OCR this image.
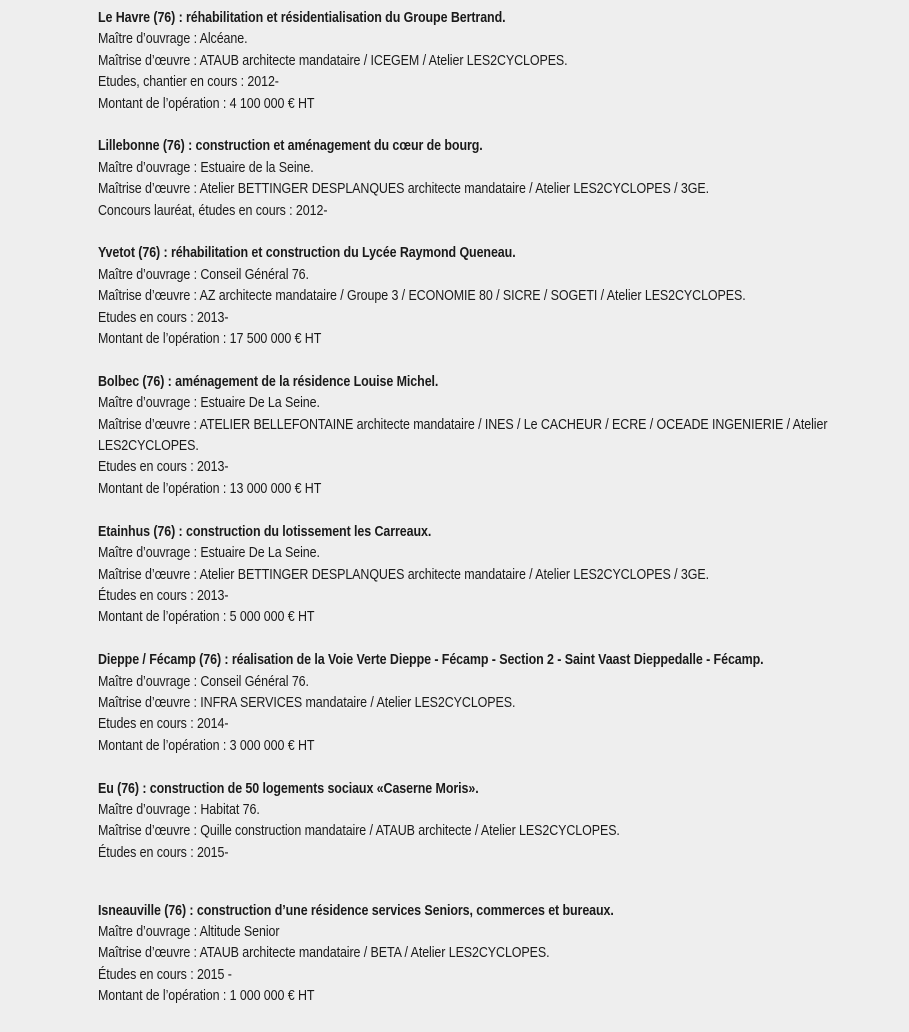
Le Havre (76) : réhabilitation et résidentialisation du Groupe Bertrand.
Maître d’ouvrage : Alcéane.
Maîtrise d’œuvre : ATAUB architecte mandataire / ICEGEM / Atelier LES2CYCLOPES.
Etudes, chantier en cours : 2012-
Montant de l’opération : 4 100 000 € HT
Lillebonne (76) : construction et aménagement du cœur de bourg.
Maître d’ouvrage : Estuaire de la Seine.
Maîtrise d’œuvre : Atelier BETTINGER DESPLANQUES architecte mandataire / Atelier LES2CYCLOPES / 3GE.
Concours lauréat, études en cours : 2012-
Yvetot (76) : réhabilitation et construction du Lycée Raymond Queneau.
Maître d’ouvrage : Conseil Général 76.
Maîtrise d’œuvre : AZ architecte mandataire / Groupe 3 / ECONOMIE 80 / SICRE / SOGETI / Atelier LES2CYCLOPES.
Etudes en cours : 2013-
Montant de l’opération : 17 500 000 € HT
Bolbec (76) : aménagement de la résidence Louise Michel.
Maître d’ouvrage : Estuaire De La Seine.
Maîtrise d’œuvre : ATELIER BELLEFONTAINE architecte mandataire / INES / Le CACHEUR / ECRE / OCEADE INGENIERIE / Atelier
LES2CYCLOPES.
Etudes en cours : 2013-
Montant de l’opération : 13 000 000 € HT
Etainhus (76) : construction du lotissement les Carreaux.
Maître d’ouvrage : Estuaire De La Seine.
Maîtrise d’œuvre : Atelier BETTINGER DESPLANQUES architecte mandataire / Atelier LES2CYCLOPES / 3GE.
Études en cours : 2013-
Montant de l’opération : 5 000 000 € HT
Dieppe / Fécamp (76) : réalisation de la Voie Verte Dieppe - Fécamp - Section 2 - Saint Vaast Dieppedalle - Fécamp.
Maître d’ouvrage : Conseil Général 76.
Maîtrise d’œuvre : INFRA SERVICES mandataire / Atelier LES2CYCLOPES.
Etudes en cours : 2014-
Montant de l’opération : 3 000 000 € HT
Eu (76) : construction de 50 logements sociaux «Caserne Moris».
Maître d’ouvrage : Habitat 76.
Maîtrise d’œuvre : Quille construction mandataire / ATAUB architecte / Atelier LES2CYCLOPES.
Études en cours : 2015-
Isneauville (76) : construction d’une résidence services Seniors, commerces et bureaux.
Maître d’ouvrage : Altitude Senior
Maîtrise d’œuvre : ATAUB architecte mandataire / BETA / Atelier LES2CYCLOPES.
Études en cours : 2015 -
Montant de l’opération : 1 000 000 € HT
